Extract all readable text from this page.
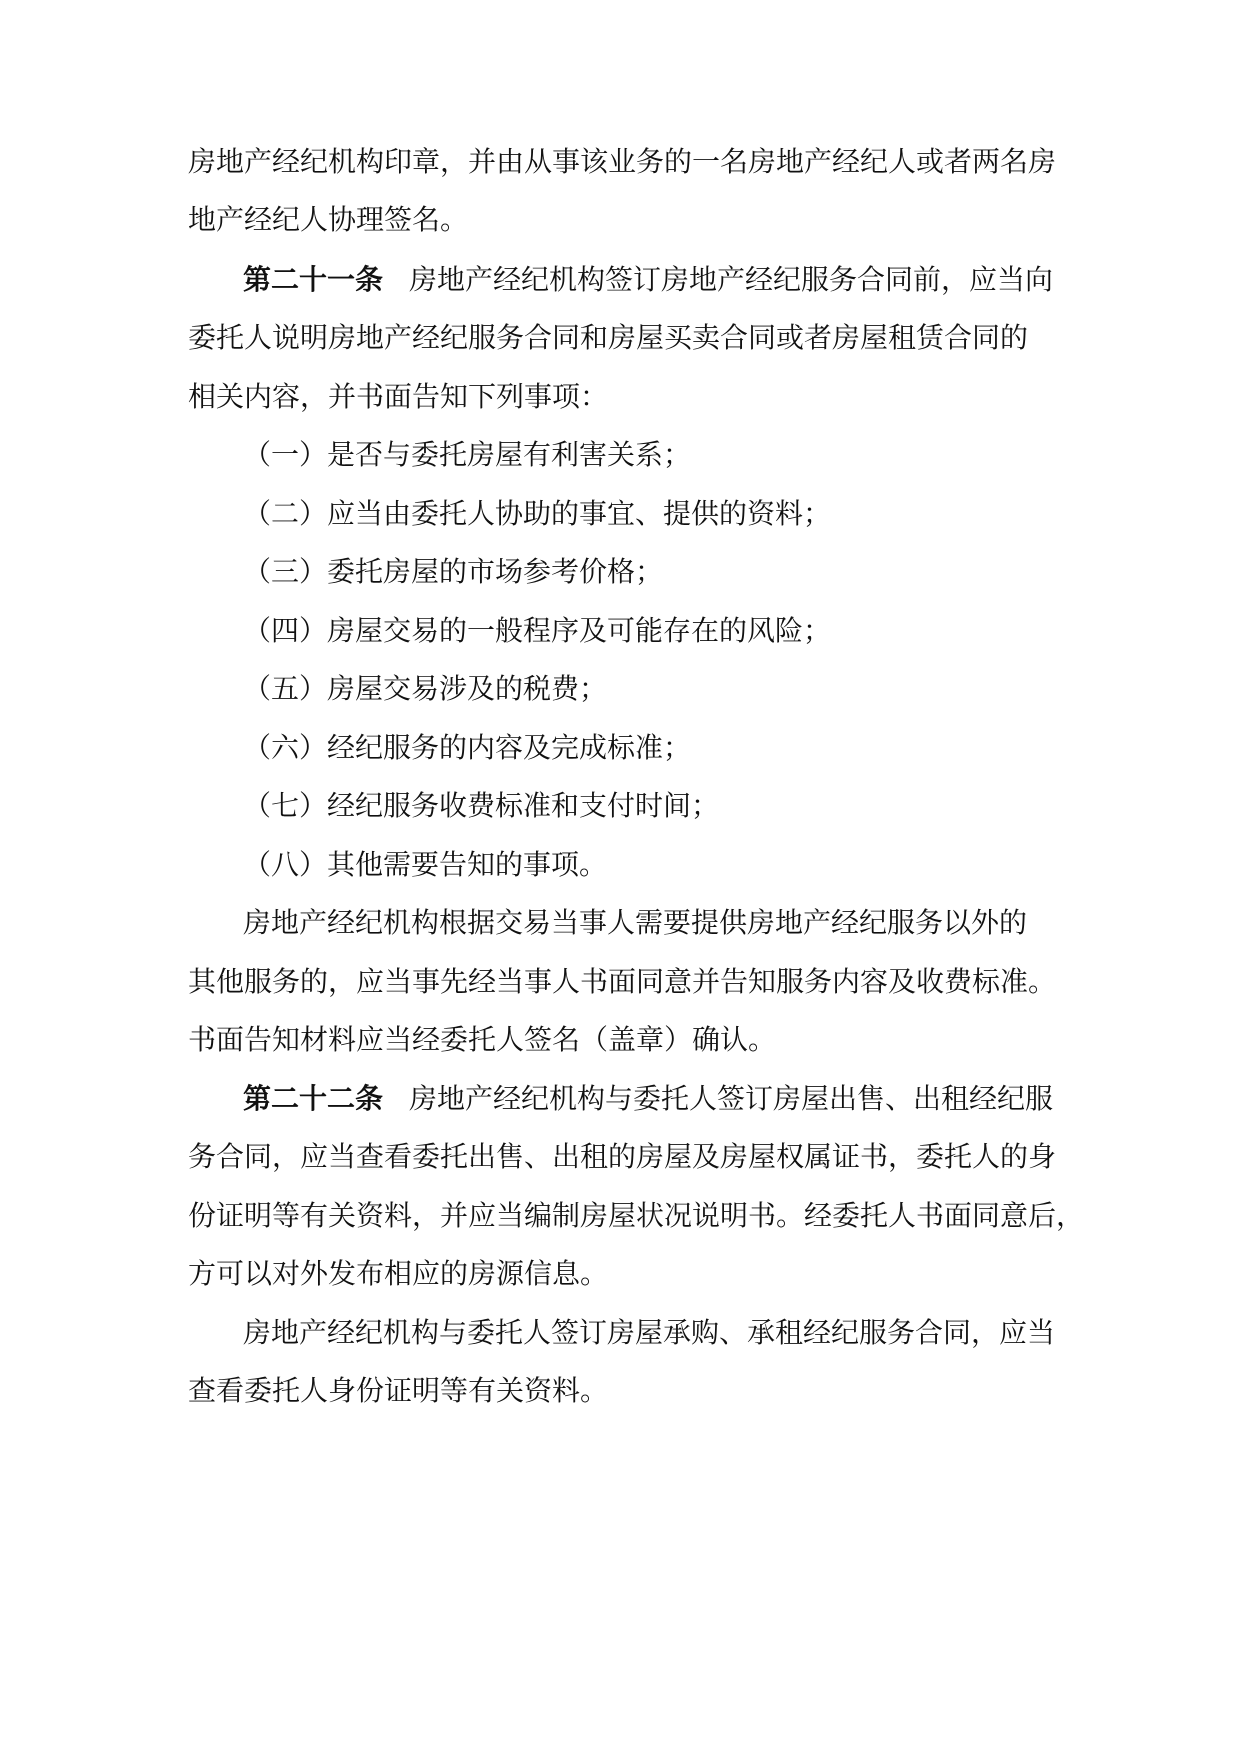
房地产经纪机构印章，并由从事该业务的一名房地产经纪人或者两名房
地产经纪人协理签名。
第二十一条 房地产经纪机构签订房地产经纪服务合同前，应当向
委托人说明房地产经纪服务合同和房屋买卖合同或者房屋租赁合同的
相关内容，并书面告知下列事项：
（一）是否与委托房屋有利害关系；
（二）应当由委托人协助的事宜、提供的资料；
（三）委托房屋的市场参考价格；
（四）房屋交易的一般程序及可能存在的风险；
（五）房屋交易涉及的税费；
（六）经纪服务的内容及完成标准；
（七）经纪服务收费标准和支付时间；
（八）其他需要告知的事项。
房地产经纪机构根据交易当事人需要提供房地产经纪服务以外的
其他服务的，应当事先经当事人书面同意并告知服务内容及收费标准。
书面告知材料应当经委托人签名（盖章）确认。
第二十二条 房地产经纪机构与委托人签订房屋出售、出租经纪服
务合同，应当查看委托出售、出租的房屋及房屋权属证书，委托人的身
份证明等有关资料，并应当编制房屋状况说明书。经委托人书面同意后，
方可以对外发布相应的房源信息。
房地产经纪机构与委托人签订房屋承购、承租经纪服务合同，应当
查看委托人身份证明等有关资料。
